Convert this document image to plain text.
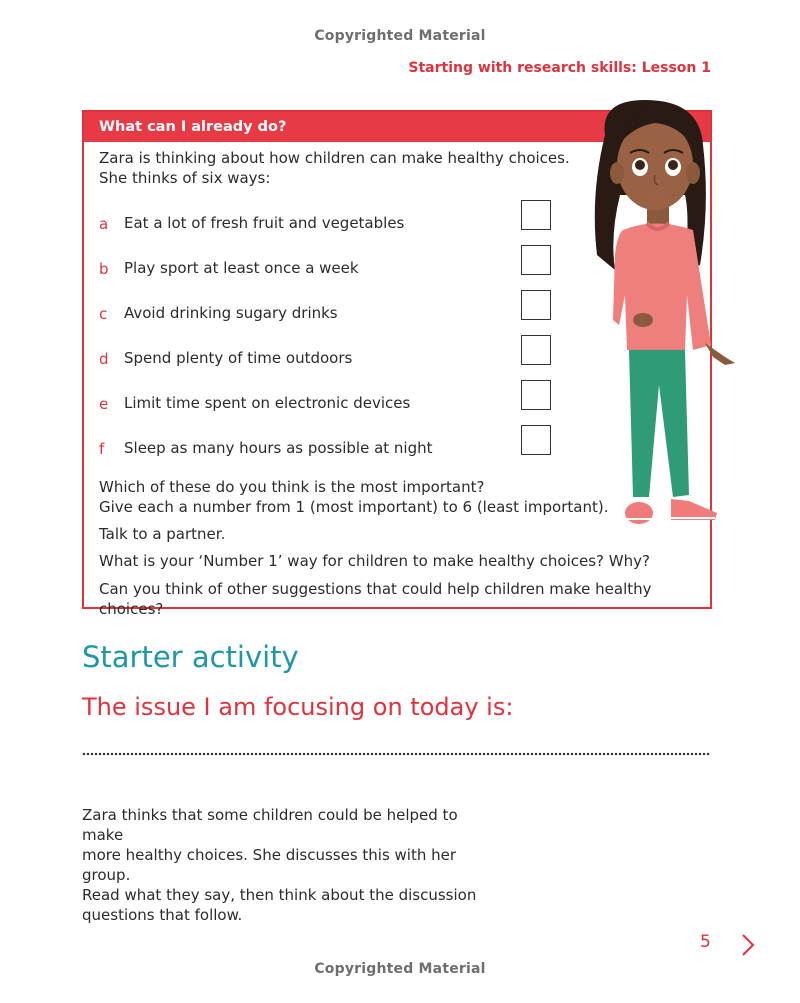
Copyrighted Material
Starting with research skills: Lesson 1
What can I already do?
Zara is thinking about how children can make healthy choices.
She thinks of six ways:
a Eat a lot of fresh fruit and vegetables
b Play sport at least once a week
c Avoid drinking sugary drinks
d Spend plenty of time outdoors
e Limit time spent on electronic devices
f Sleep as many hours as possible at night
Which of these do you think is the most important?
Give each a number from 1 (most important) to 6 (least important).
Talk to a partner.
What is your ‘Number 1’ way for children to make healthy choices? Why?
Can you think of other suggestions that could help children make healthy choices?
Starter activity
The issue I am focusing on today is:
Zara thinks that some children could be helped to make
more healthy choices. She discusses this with her group.
Read what they say, then think about the discussion
questions that follow.
5
Copyrighted Material
